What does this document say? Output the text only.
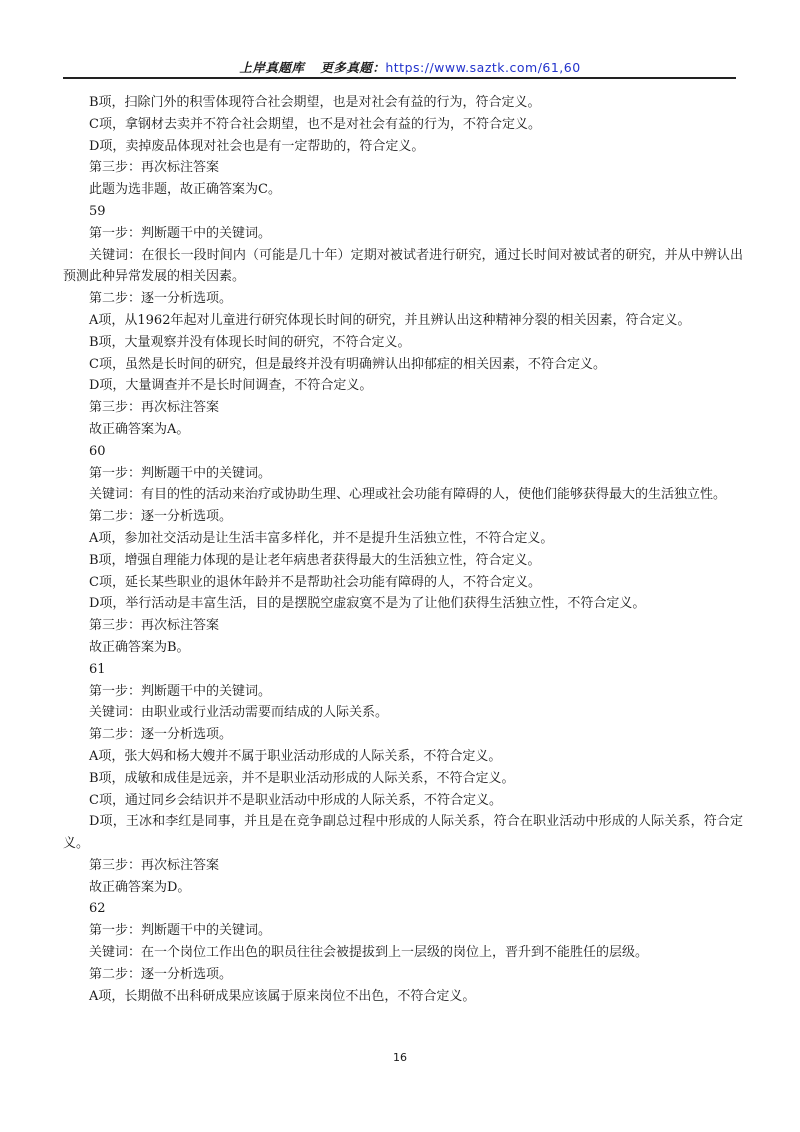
上岸真题库 更多真题：https://www.saztk.com/61,60

B项，扫除门外的积雪体现符合社会期望，也是对社会有益的行为，符合定义。

C项，拿钢材去卖并不符合社会期望，也不是对社会有益的行为，不符合定义。

D项，卖掉废品体现对社会也是有一定帮助的，符合定义。

第三步：再次标注答案

此题为选非题，故正确答案为C。

59

第一步：判断题干中的关键词。

关键词：在很长一段时间内（可能是几十年）定期对被试者进行研究，通过长时间对被试者的研究，并从中辨认出预测此种异常发展的相关因素。

第二步：逐一分析选项。

A项，从1962年起对儿童进行研究体现长时间的研究，并且辨认出这种精神分裂的相关因素，符合定义。

B项，大量观察并没有体现长时间的研究，不符合定义。

C项，虽然是长时间的研究，但是最终并没有明确辨认出抑郁症的相关因素，不符合定义。

D项，大量调查并不是长时间调查，不符合定义。

第三步：再次标注答案

故正确答案为A。

60

第一步：判断题干中的关键词。

关键词：有目的性的活动来治疗或协助生理、心理或社会功能有障碍的人，使他们能够获得最大的生活独立性。

第二步：逐一分析选项。

A项，参加社交活动是让生活丰富多样化，并不是提升生活独立性，不符合定义。

B项，增强自理能力体现的是让老年病患者获得最大的生活独立性，符合定义。

C项，延长某些职业的退休年龄并不是帮助社会功能有障碍的人，不符合定义。

D项，举行活动是丰富生活，目的是摆脱空虚寂寞不是为了让他们获得生活独立性，不符合定义。

第三步：再次标注答案

故正确答案为B。

61

第一步：判断题干中的关键词。

关键词：由职业或行业活动需要而结成的人际关系。

第二步：逐一分析选项。

A项，张大妈和杨大嫂并不属于职业活动形成的人际关系，不符合定义。

B项，成敏和成佳是远亲，并不是职业活动形成的人际关系，不符合定义。

C项，通过同乡会结识并不是职业活动中形成的人际关系，不符合定义。

D项，王冰和李红是同事，并且是在竞争副总过程中形成的人际关系，符合在职业活动中形成的人际关系，符合定义。

第三步：再次标注答案

故正确答案为D。

62

第一步：判断题干中的关键词。

关键词：在一个岗位工作出色的职员往往会被提拔到上一层级的岗位上，晋升到不能胜任的层级。

第二步：逐一分析选项。

A项，长期做不出科研成果应该属于原来岗位不出色，不符合定义。

16
